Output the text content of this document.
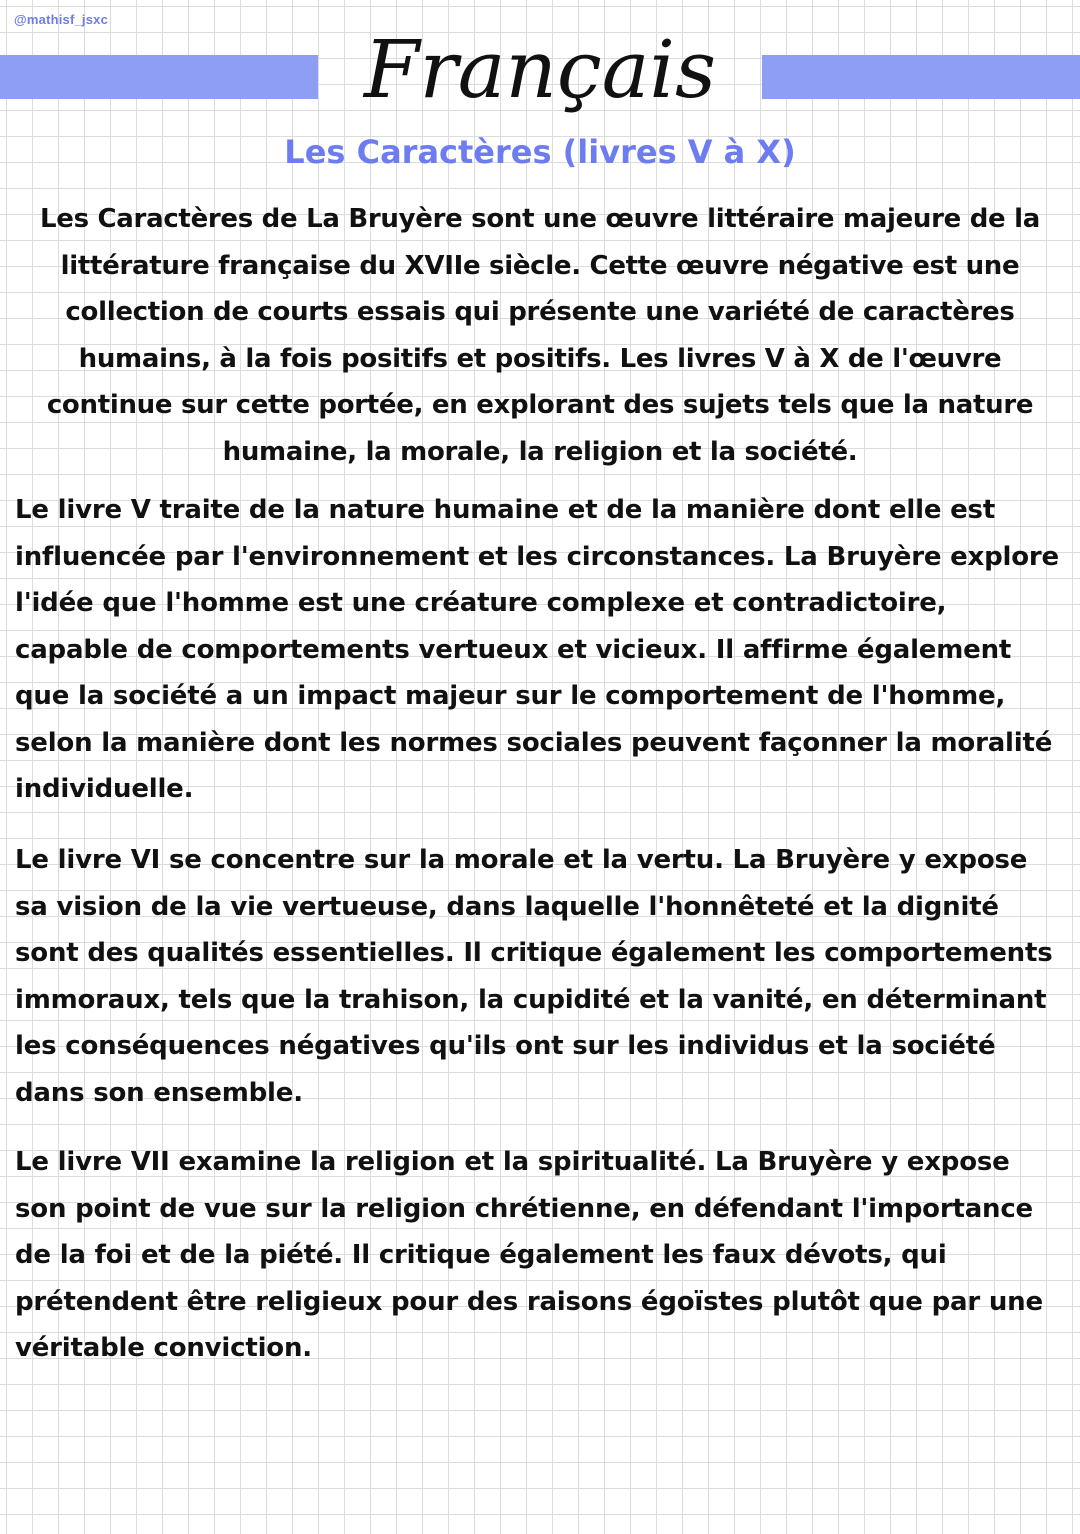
@mathisf_jsxc
Français
Les Caractères (livres V à X)

Les Caractères de La Bruyère sont une œuvre littéraire majeure de la littérature française du XVIIe siècle. Cette œuvre négative est une collection de courts essais qui présente une variété de caractères humains, à la fois positifs et positifs. Les livres V à X de l'œuvre continue sur cette portée, en explorant des sujets tels que la nature humaine, la morale, la religion et la société.

Le livre V traite de la nature humaine et de la manière dont elle est influencée par l'environnement et les circonstances. La Bruyère explore l'idée que l'homme est une créature complexe et contradictoire, capable de comportements vertueux et vicieux. Il affirme également que la société a un impact majeur sur le comportement de l'homme, selon la manière dont les normes sociales peuvent façonner la moralité individuelle.

Le livre VI se concentre sur la morale et la vertu. La Bruyère y expose sa vision de la vie vertueuse, dans laquelle l'honnêteté et la dignité sont des qualités essentielles. Il critique également les comportements immoraux, tels que la trahison, la cupidité et la vanité, en déterminant les conséquences négatives qu'ils ont sur les individus et la société dans son ensemble.

Le livre VII examine la religion et la spiritualité. La Bruyère y expose son point de vue sur la religion chrétienne, en défendant l'importance de la foi et de la piété. Il critique également les faux dévots, qui prétendent être religieux pour des raisons égoïstes plutôt que par une véritable conviction.
